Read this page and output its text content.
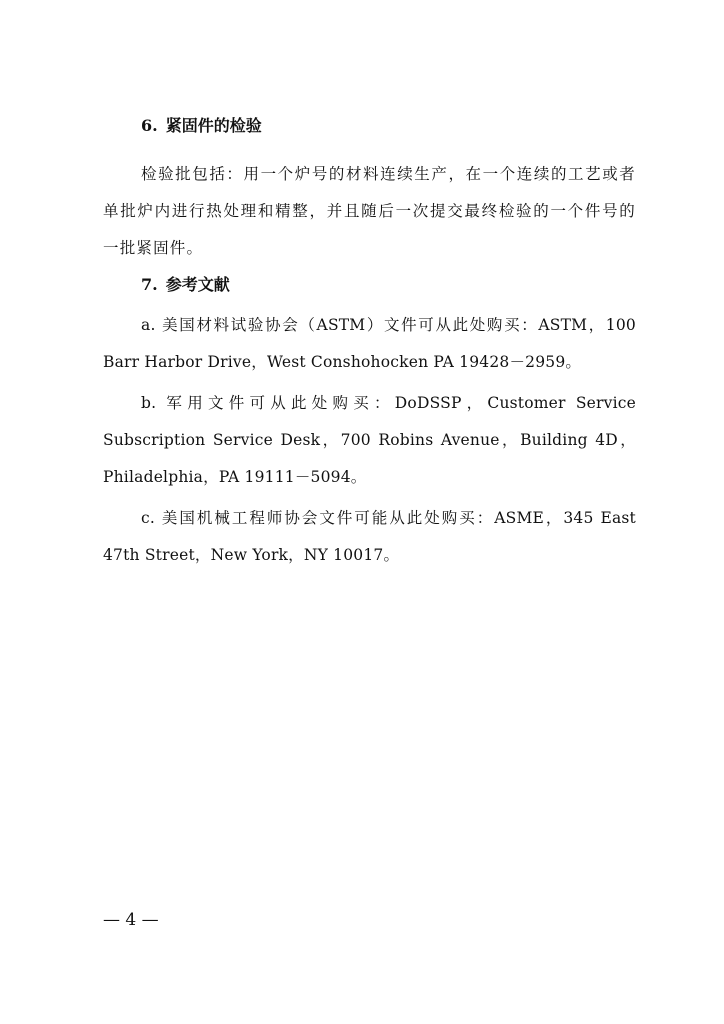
6. 紧固件的检验

检验批包括：用一个炉号的材料连续生产，在一个连续的工艺或者单批炉内进行热处理和精整，并且随后一次提交最终检验的一个件号的一批紧固件。

7. 参考文献

a. 美国材料试验协会（ASTM）文件可从此处购买：ASTM，100 Barr Harbor Drive，West Conshohocken PA 19428－2959。

b. 军用文件可从此处购买：DoDSSP，Customer Service Subscription Service Desk，700 Robins Avenue，Building 4D，Philadelphia，PA 19111－5094。

c. 美国机械工程师协会文件可能从此处购买：ASME，345 East 47th Street，New York，NY 10017。

— 4 —
